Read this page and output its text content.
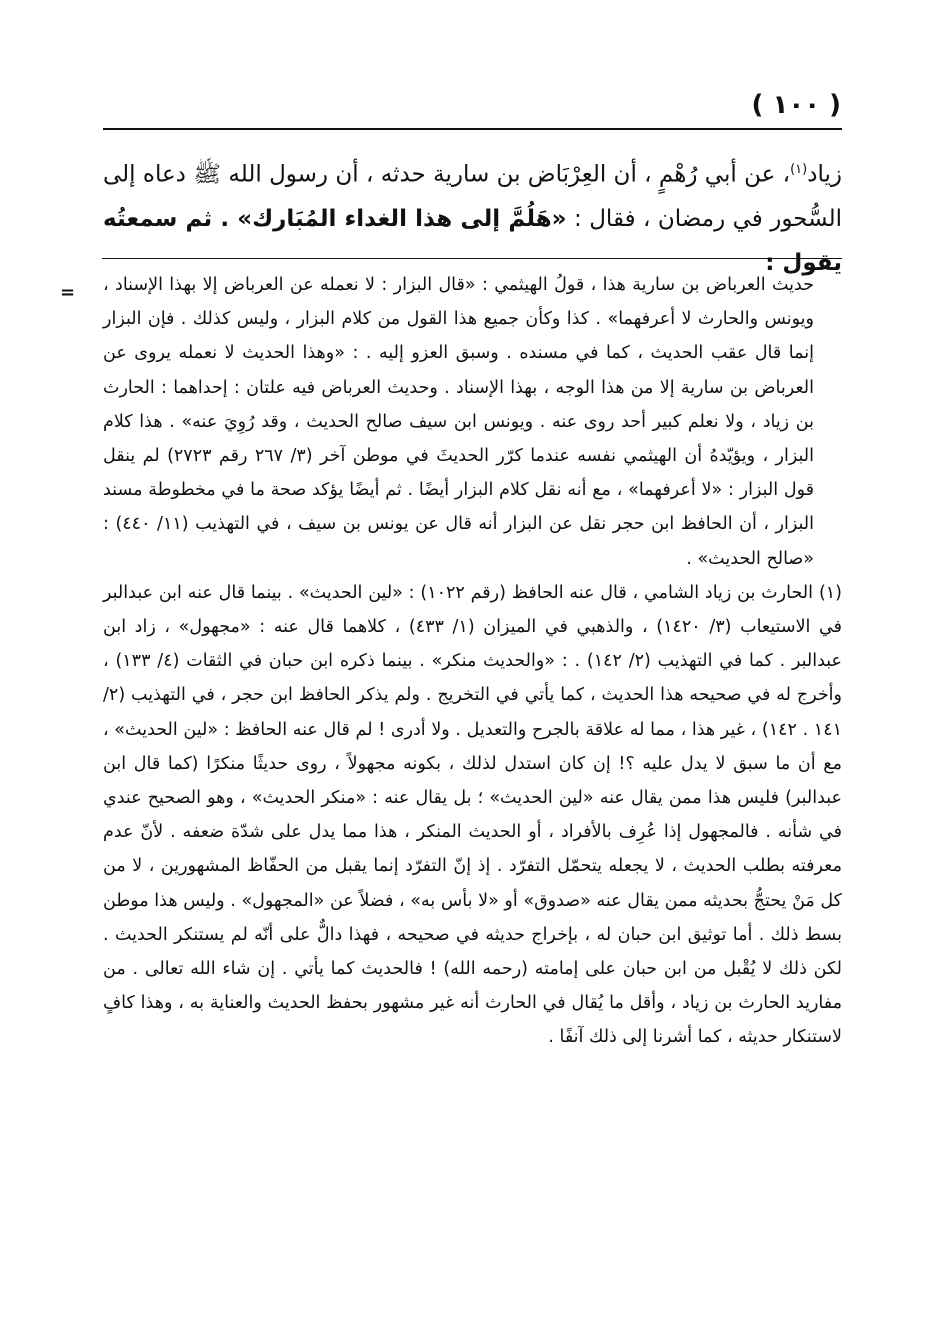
( ١٠٠ )
زياد$^{(١)}$، عن أبي رُهْمٍ ، أن العِرْبَاض بن سارية حدثه ، أن رسول الله ﷺ دعاه إلى السُّحور في رمضان ، فقال : «هَلُمَّ إلى هذا الغداء المُبَارك» . ثم سمعتُه يقول :
= حديث العرباض بن سارية هذا ، قولُ الهيثمي : «قال البزار : لا نعمله عن العرباض إلا بهذا الإسناد ، ويونس والحارث لا أعرفهما» . كذا وكأن جميع هذا القول من كلام البزار ، وليس كذلك . فإن البزار إنما قال عقب الحديث ، كما في مسنده . وسبق العزو إليه . : «وهذا الحديث لا نعمله يروى عن العرباض بن سارية إلا من هذا الوجه ، بهذا الإسناد . وحديث العرباض فيه علتان : إحداهما : الحارث بن زياد ، ولا نعلم كبير أحد روى عنه . ويونس ابن سيف صالح الحديث ، وقد رُوِيَ عنه» . هذا كلام البزار ، ويؤيّدهُ أن الهيثمي نفسه عندما كرّر الحديثَ في موطن آخر (٣/ ٢٦٧ رقم ٢٧٢٣) لم ينقل قول البزار : «لا أعرفهما» ، مع أنه نقل كلام البزار أيضًا . ثم أيضًا يؤكد صحة ما في مخطوطة مسند البزار ، أن الحافظ ابن حجر نقل عن البزار أنه قال عن يونس بن سيف ، في التهذيب (١١/ ٤٤٠) : «صالح الحديث» .

(١)الحارث بن زياد الشامي ، قال عنه الحافظ (رقم ١٠٢٢) : «لين الحديث» . بينما قال عنه ابن عبدالبر في الاستيعاب (٣/ ١٤٢٠) ، والذهبي في الميزان (١/ ٤٣٣) ، كلاهما قال عنه : «مجهول» ، زاد ابن عبدالبر . كما في التهذيب (٢/ ١٤٢) . : «والحديث منكر» . بينما ذكره ابن حبان في الثقات (٤/ ١٣٣) ، وأخرج له في صحيحه هذا الحديث ، كما يأتي في التخريج . ولم يذكر الحافظ ابن حجر ، في التهذيب (٢/ ١٤١ . ١٤٢) ، غير هذا ، مما له علاقة بالجرح والتعديل . ولا أدرى ! لم قال عنه الحافظ : «لين الحديث» ، مع أن ما سبق لا يدل عليه ؟! إن كان استدل لذلك ، بكونه مجهولاً ، روى حديثًا منكرًا (كما قال ابن عبدالبر) فليس هذا ممن يقال عنه «لين الحديث» ؛ بل يقال عنه : «منكر الحديث» ، وهو الصحيح عندي في شأنه . فالمجهول إذا عُرِف بالأفراد ، أو الحديث المنكر ، هذا مما يدل على شدّة ضعفه . لأنّ عدم معرفته بطلب الحديث ، لا يجعله يتحمّل التفرّد . إذ إنّ التفرّد إنما يقبل من الحفّاظ المشهورين ، لا من كل مَنْ يحتجُّ بحديثه ممن يقال عنه «صدوق» أو «لا بأس به» ، فضلاً عن «المجهول» . وليس هذا موطن بسط ذلك . أما توثيق ابن حبان له ، بإخراج حديثه في صحيحه ، فهذا دالٌّ على أنّه لم يستنكر الحديث . لكن ذلك لا يُقْبل من ابن حبان على إمامته (رحمه الله) ! فالحديث كما يأتي . إن شاء الله تعالى . من مفاريد الحارث بن زياد ، وأقل ما يُقال في الحارث أنه غير مشهور بحفظ الحديث والعناية به ، وهذا كافٍ لاستنكار حديثه ، كما أشرنا إلى ذلك آنفًا .
